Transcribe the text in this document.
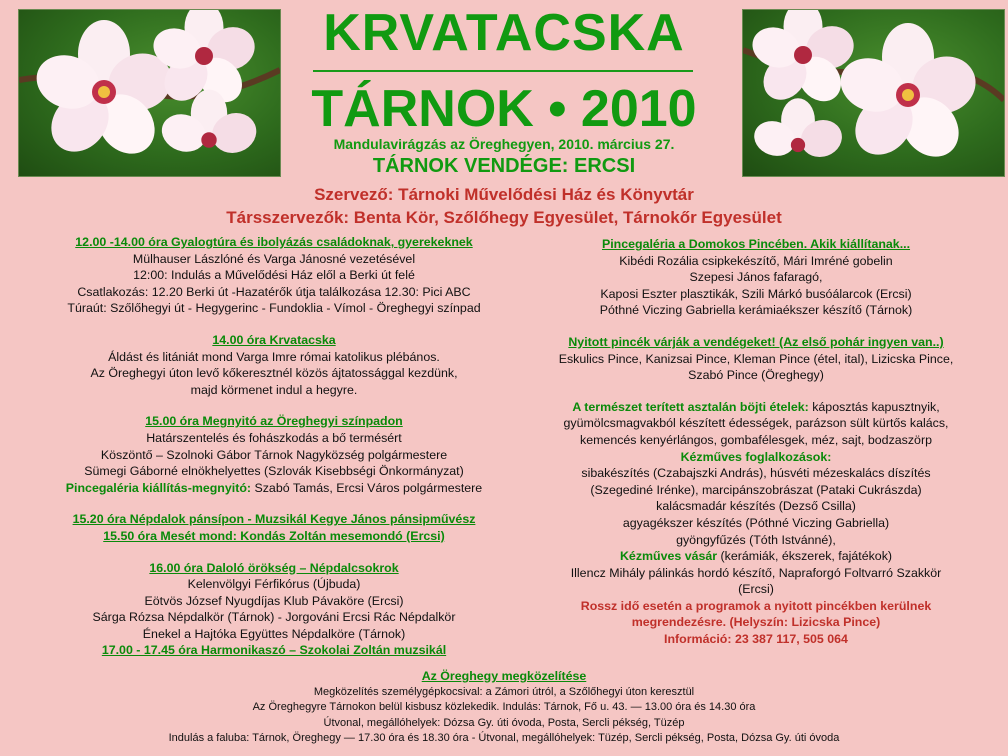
KRVATACSKA
TÁRNOK • 2010
Mandulavirágzás az Öreghegyen, 2010. március 27.
TÁRNOK VENDÉGE: ERCSI
Szervező: Tárnoki Művelődési Ház és Könyvtár
Társszervezők: Benta Kör, Szőlőhegy Egyesület, Tárnokőr Egyesület

12.00 -14.00 óra Gyalogtúra és ibolyázás családoknak, gyerekeknek

Mülhauser Lászlóné és Varga Jánosné vezetésével

12:00: Indulás a Művelődési Ház elől a Berki út felé

Csatlakozás: 12.20 Berki út -Hazatérők útja találkozása 12.30: Pici ABC

Túraút: Szőlőhegyi út - Hegygerinc - Fundoklia - Vímol - Öreghegyi színpad

14.00 óra Krvatacska

Áldást és litániát mond Varga Imre római katolikus plébános.

Az Öreghegyi úton levő kőkeresztnél közös ájtatossággal kezdünk,

majd körmenet indul a hegyre.

15.00 óra Megnyitó az Öreghegyi színpadon

Határszentelés és fohászkodás a bő termésért

Köszöntő – Szolnoki Gábor Tárnok Nagyközség polgármestere

Sümegi Gáborné elnökhelyettes (Szlovák Kisebbségi Önkormányzat)

Pincegaléria kiállítás-megnyitó: Szabó Tamás, Ercsi Város polgármestere

15.20 óra Népdalok pánsípon - Muzsikál Kegye János pánsipművész

15.50 óra Mesét mond: Kondás Zoltán mesemondó (Ercsi)

16.00 óra Daloló örökség – Népdalcsokrok

Kelenvölgyi Férfikórus (Újbuda)

Eötvös József Nyugdíjas Klub Pávaköre (Ercsi)

Sárga Rózsa Népdalkör (Tárnok) - Jorgováni Ercsi Rác Népdalkör

Énekel a Hajtóka Együttes Népdalköre (Tárnok)

17.00 - 17.45 óra Harmonikaszó – Szokolai Zoltán muzsikál

Pincegaléria a Domokos Pincében. Akik kiállítanak...

Kibédi Rozália csipkekészítő, Mári Imréné gobelin

Szepesi János fafaragó,

Kaposi Eszter plasztikák, Szili Márkó busóálarcok (Ercsi)

Póthné Viczing Gabriella kerámiaékszer készítő (Tárnok)

Nyitott pincék várják a vendégeket! (Az első pohár ingyen van..)

Eskulics Pince, Kanizsai Pince, Kleman Pince (étel, ital), Lizicska Pince,

Szabó Pince (Öreghegy)

A természet terített asztalán böjti ételek: káposztás kapusztnyik,

gyümölcsmagvakból készített édességek, parázson sült kürtős kalács,

kemencés kenyérlángos, gombafélesgek, méz, sajt, bodzaszörp

Kézműves foglalkozások:

sibakészítés (Czabajszki András), húsvéti mézeskalács díszítés

(Szegediné Irénke), marcipánszobrászat (Pataki Cukrászda)

kalácsmadár készítés (Dezső Csilla)

agyagékszer készítés (Póthné Viczing Gabriella)

gyöngyfűzés (Tóth Istvánné),

Kézműves vásár (kerámiák, ékszerek, fajátékok)

Illencz Mihály pálinkás hordó készítő, Napraforgó Foltvarró Szakkör

(Ercsi)

Rossz idő esetén a programok a nyitott pincékben kerülnek

megrendezésre. (Helyszín: Lizicska Pince)

Információ: 23 387 117, 505 064

Az Öreghegy megközelítése

Megközelítés személygépkocsival: a Zámori útról, a Szőlőhegyi úton keresztül

Az Öreghegyre Tárnokon belül kisbusz közlekedik. Indulás: Tárnok, Fő u. 43. — 13.00 óra és 14.30 óra

Útvonal, megállóhelyek: Dózsa Gy. úti óvoda, Posta, Sercli pékség, Tüzép

Indulás a faluba: Tárnok, Öreghegy — 17.30 óra és 18.30 óra - Útvonal, megállóhelyek: Tüzép, Sercli pékség, Posta, Dózsa Gy. úti óvoda
